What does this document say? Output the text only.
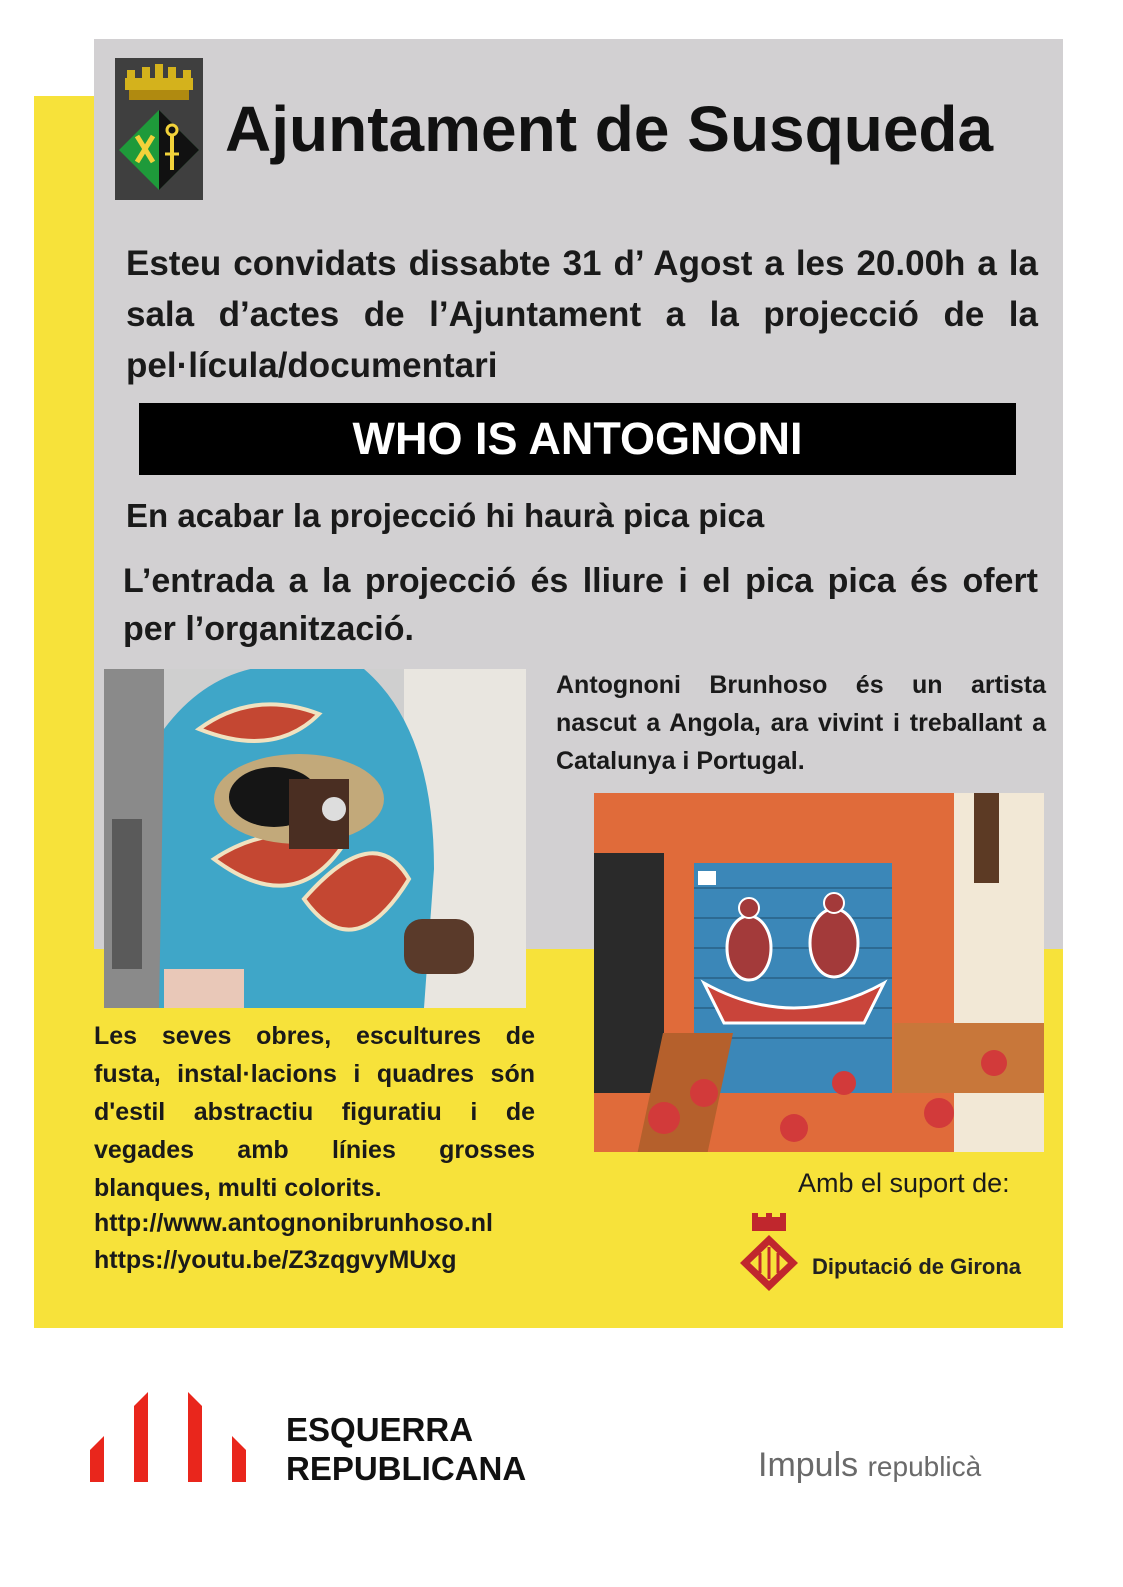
Ajuntament de Susqueda

Esteu convidats dissabte 31 d’ Agost a les 20.00h a la sala d’actes de l’Ajuntament a la projecció de la pel·lícula/documentari

WHO IS ANTOGNONI
En acabar la projecció hi haurà pica pica

L’entrada a la projecció és lliure i el pica pica és ofert per l’organització.

Antognoni Brunhoso és un artista nascut a Angola, ara vivint i treballant a Catalunya i Portugal.

Les seves obres, escultures de fusta, instal·lacions i quadres són d'estil abstractiu figuratiu i de vegades amb línies grosses blanques, multi colorits.

http://www.antognonibrunhoso.nl
https://youtu.be/Z3zqgvyMUxg
Amb el suport de:
Diputació de Girona
ESQUERRA
REPUBLICANA	Impuls republicà
